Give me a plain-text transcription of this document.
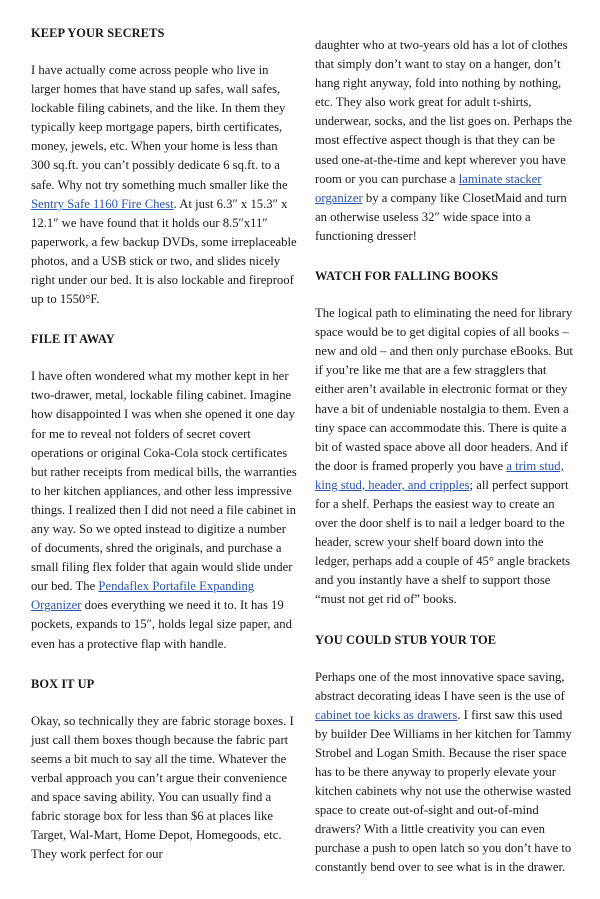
KEEP YOUR SECRETS

I have actually come across people who live in larger homes that have stand up safes, wall safes, lockable filing cabinets, and the like. In them they typically keep mortgage papers, birth certificates, money, jewels, etc. When your home is less than 300 sq.ft. you can’t possibly dedicate 6 sq.ft. to a safe. Why not try something much smaller like the Sentry Safe 1160 Fire Chest. At just 6.3″ x 15.3″ x 12.1″ we have found that it holds our 8.5″x11″ paperwork, a few backup DVDs, some irreplaceable photos, and a USB stick or two, and slides nicely right under our bed. It is also lockable and fireproof up to 1550°F.

FILE IT AWAY

I have often wondered what my mother kept in her two-drawer, metal, lockable filing cabinet. Imagine how disappointed I was when she opened it one day for me to reveal not folders of secret covert operations or original Coka-Cola stock certificates but rather receipts from medical bills, the warranties to her kitchen appliances, and other less impressive things. I realized then I did not need a file cabinet in any way. So we opted instead to digitize a number of documents, shred the originals, and purchase a small filing flex folder that again would slide under our bed. The Pendaflex Portafile Expanding Organizer does everything we need it to. It has 19 pockets, expands to 15″, holds legal size paper, and even has a protective flap with handle.

BOX IT UP

Okay, so technically they are fabric storage boxes. I just call them boxes though because the fabric part seems a bit much to say all the time. Whatever the verbal approach you can’t argue their convenience and space saving ability. You can usually find a fabric storage box for less than $6 at places like Target, Wal-Mart, Home Depot, Homegoods, etc. They work perfect for our

daughter who at two-years old has a lot of clothes that simply don’t want to stay on a hanger, don’t hang right anyway, fold into nothing by nothing, etc. They also work great for adult t-shirts, underwear, socks, and the list goes on. Perhaps the most effective aspect though is that they can be used one-at-the-time and kept wherever you have room or you can purchase a laminate stacker organizer by a company like ClosetMaid and turn an otherwise useless 32″ wide space into a functioning dresser!

WATCH FOR FALLING BOOKS

The logical path to eliminating the need for library space would be to get digital copies of all books – new and old – and then only purchase eBooks. But if you’re like me that are a few stragglers that either aren’t available in electronic format or they have a bit of undeniable nostalgia to them. Even a tiny space can accommodate this. There is quite a bit of wasted space above all door headers. And if the door is framed properly you have a trim stud, king stud, header, and cripples; all perfect support for a shelf. Perhaps the easiest way to create an over the door shelf is to nail a ledger board to the header, screw your shelf board down into the ledger, perhaps add a couple of 45° angle brackets and you instantly have a shelf to support those “must not get rid of” books.

YOU COULD STUB YOUR TOE

Perhaps one of the most innovative space saving, abstract decorating ideas I have seen is the use of cabinet toe kicks as drawers. I first saw this used by builder Dee Williams in her kitchen for Tammy Strobel and Logan Smith. Because the riser space has to be there anyway to properly elevate your kitchen cabinets why not use the otherwise wasted space to create out-of-sight and out-of-mind drawers? With a little creativity you can even purchase a push to open latch so you don’t have to constantly bend over to see what is in the drawer.
